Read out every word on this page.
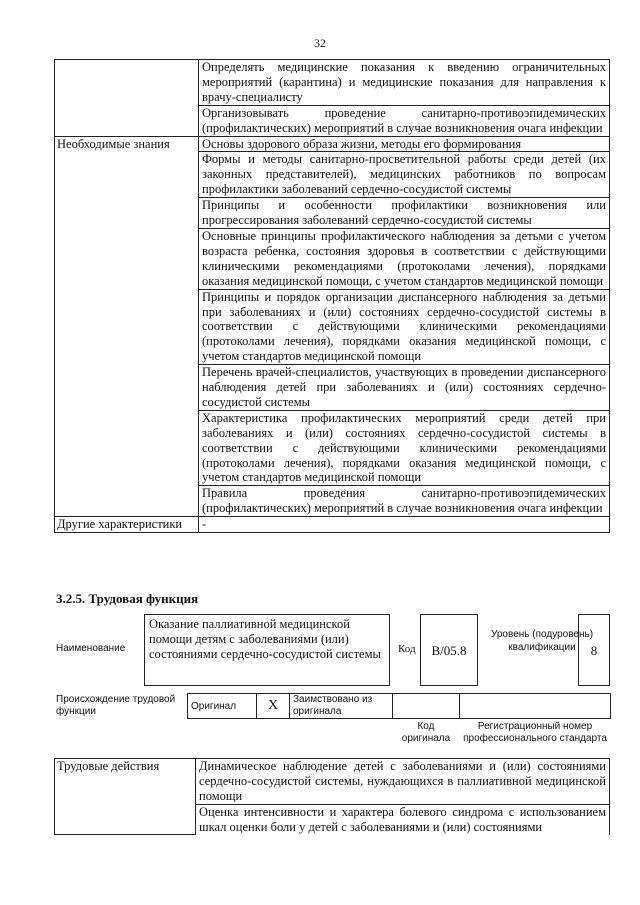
32
	Определять медицинские показания к введению ограничительных мероприятий (карантина) и медицинские показания для направления к врачу-специалисту
	Организовывать проведение санитарно-противоэпидемических (профилактических) мероприятий в случае возникновения очага инфекции
Необходимые знания	Основы здорового образа жизни, методы его формирования
	Формы и методы санитарно-просветительной работы среди детей (их законных представителей), медицинских работников по вопросам профилактики заболеваний сердечно-сосудистой системы
	Принципы и особенности профилактики возникновения или прогрессирования заболеваний сердечно-сосудистой системы
	Основные принципы профилактического наблюдения за детьми с учетом возраста ребенка, состояния здоровья в соответствии с действующими клиническими рекомендациями (протоколами лечения), порядками оказания медицинской помощи, с учетом стандартов медицинской помощи
	Принципы и порядок организации диспансерного наблюдения за детьми при заболеваниях и (или) состояниях сердечно-сосудистой системы в соответствии с действующими клиническими рекомендациями (протоколами лечения), порядками оказания медицинской помощи, с учетом стандартов медицинской помощи
	Перечень врачей-специалистов, участвующих в проведении диспансерного наблюдения детей при заболеваниях и (или) состояниях сердечно-сосудистой системы
	Характеристика профилактических мероприятий среди детей при заболеваниях и (или) состояниях сердечно-сосудистой системы в соответствии с действующими клиническими рекомендациями (протоколами лечения), порядками оказания медицинской помощи, с учетом стандартов медицинской помощи
	Правила проведения санитарно-противоэпидемических (профилактических) мероприятий в случае возникновения очага инфекции
Другие характеристики	-
3.2.5. Трудовая функция
Наименование
Оказание паллиативной медицинской помощи детям с заболеваниями (или) состояниями сердечно-сосудистой системы	Код	B/05.8
Уровень (подуровень) квалификации	8
Происхождение трудовой функции	Оригинал	X	Заимствовано из оригинала		
Код оригинала
Регистрационный номер профессионального стандарта
Трудовые действия	Динамическое наблюдение детей с заболеваниями и (или) состояниями сердечно-сосудистой системы, нуждающихся в паллиативной медицинской помощи
Оценка интенсивности и характера болевого синдрома с использованием шкал оценки боли у детей с заболеваниями и (или) состояниями
